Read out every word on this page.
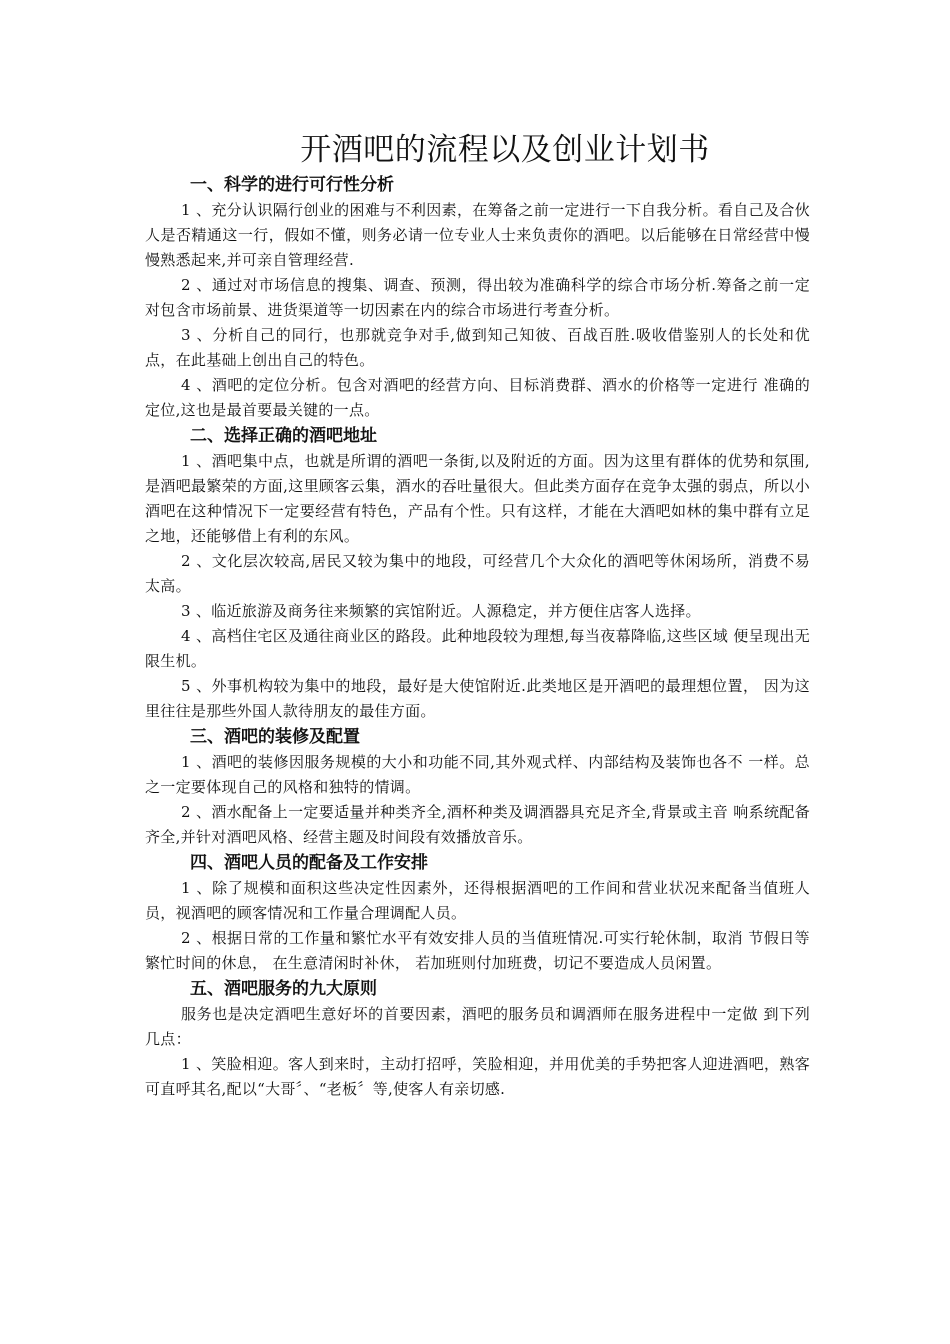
开酒吧的流程以及创业计划书
一、科学的进行可行性分析

1 、充分认识隔行创业的困难与不利因素，在筹备之前一定进行一下自我分析。看自己及合伙人是否精通这一行，假如不懂，则务必请一位专业人士来负责你的酒吧。以后能够在日常经营中慢慢熟悉起来,并可亲自管理经营.

2 、通过对市场信息的搜集、调查、预测，得出较为准确科学的综合市场分析.筹备之前一定对包含市场前景、进货渠道等一切因素在内的综合市场进行考查分析。

3 、分析自己的同行，也那就竞争对手,做到知己知彼、百战百胜.吸收借鉴别人的长处和优点，在此基础上创出自己的特色。

4 、酒吧的定位分析。包含对酒吧的经营方向、目标消费群、酒水的价格等一定进行 准确的定位,这也是最首要最关键的一点。

二、选择正确的酒吧地址

1 、酒吧集中点，也就是所谓的酒吧一条街,以及附近的方面。因为这里有群体的优势和氛围,是酒吧最繁荣的方面,这里顾客云集，酒水的吞吐量很大。但此类方面存在竞争太强的弱点，所以小酒吧在这种情况下一定要经营有特色，产品有个性。只有这样，才能在大酒吧如林的集中群有立足之地，还能够借上有利的东风。

2 、文化层次较高,居民又较为集中的地段，可经营几个大众化的酒吧等休闲场所，消费不易太高。

3 、临近旅游及商务往来频繁的宾馆附近。人源稳定，并方便住店客人选择。

4 、高档住宅区及通往商业区的路段。此种地段较为理想,每当夜幕降临,这些区域 便呈现出无限生机。

5 、外事机构较为集中的地段，最好是大使馆附近.此类地区是开酒吧的最理想位置， 因为这里往往是那些外国人款待朋友的最佳方面。

三、酒吧的装修及配置

1 、酒吧的装修因服务规模的大小和功能不同,其外观式样、内部结构及装饰也各不 一样。总之一定要体现自己的风格和独特的情调。

2 、酒水配备上一定要适量并种类齐全,酒杯种类及调酒器具充足齐全,背景或主音 响系统配备齐全,并针对酒吧风格、经营主题及时间段有效播放音乐。

四、酒吧人员的配备及工作安排

1 、除了规模和面积这些决定性因素外，还得根据酒吧的工作间和营业状况来配备当值班人员，视酒吧的顾客情况和工作量合理调配人员。

2 、根据日常的工作量和繁忙水平有效安排人员的当值班情况.可实行轮休制，取消 节假日等繁忙时间的休息， 在生意清闲时补休， 若加班则付加班费，切记不要造成人员闲置。

五、酒吧服务的九大原则

服务也是决定酒吧生意好坏的首要因素，酒吧的服务员和调酒师在服务进程中一定做 到下列几点：

1 、笑脸相迎。客人到来时，主动打招呼，笑脸相迎，并用优美的手势把客人迎进酒吧，熟客可直呼其名,配以“大哥〞、“老板〞等,使客人有亲切感.
